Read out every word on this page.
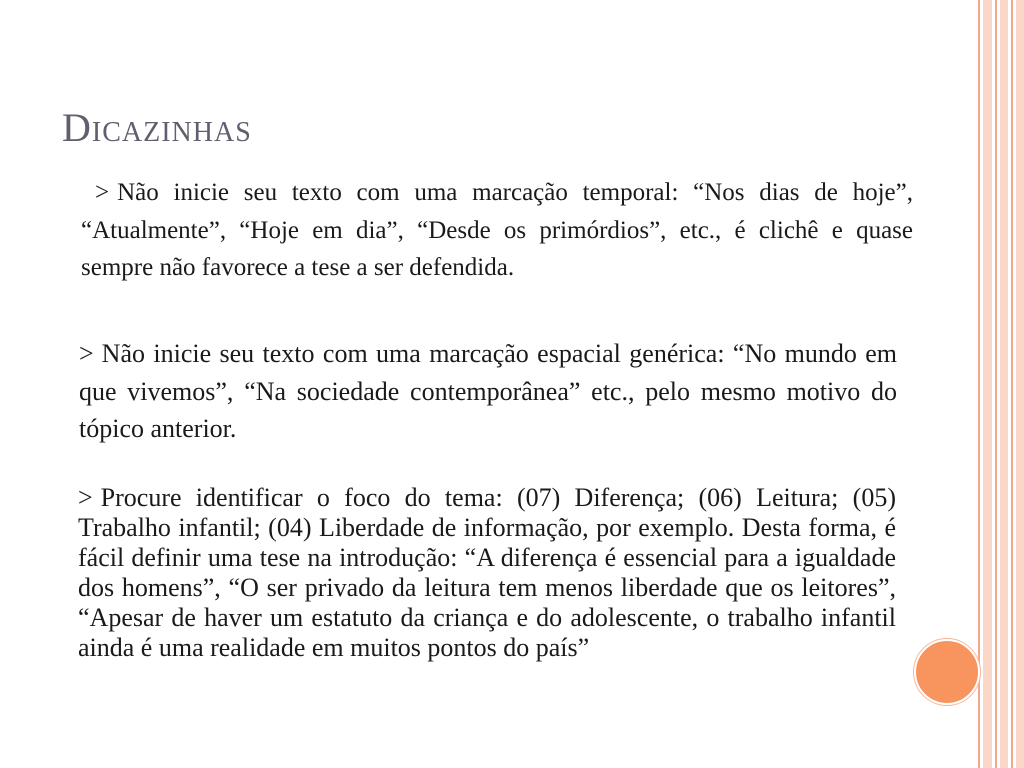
Dicazinhas

> Não inicie seu texto com uma marcação temporal: “Nos dias de hoje”, “Atualmente”, “Hoje em dia”, “Desde os primórdios”, etc., é clichê e quase sempre não favorece a tese a ser defendida.

> Não inicie seu texto com uma marcação espacial genérica: “No mundo em que vivemos”, “Na sociedade contemporânea” etc., pelo mesmo motivo do tópico anterior.

> Procure identificar o foco do tema: (07) Diferença; (06) Leitura; (05) Trabalho infantil; (04) Liberdade de informação, por exemplo. Desta forma, é fácil definir uma tese na introdução: “A diferença é essencial para a igualdade dos homens”, “O ser privado da leitura tem menos liberdade que os leitores”, “Apesar de haver um estatuto da criança e do adolescente, o trabalho infantil ainda é uma realidade em muitos pontos do país”
